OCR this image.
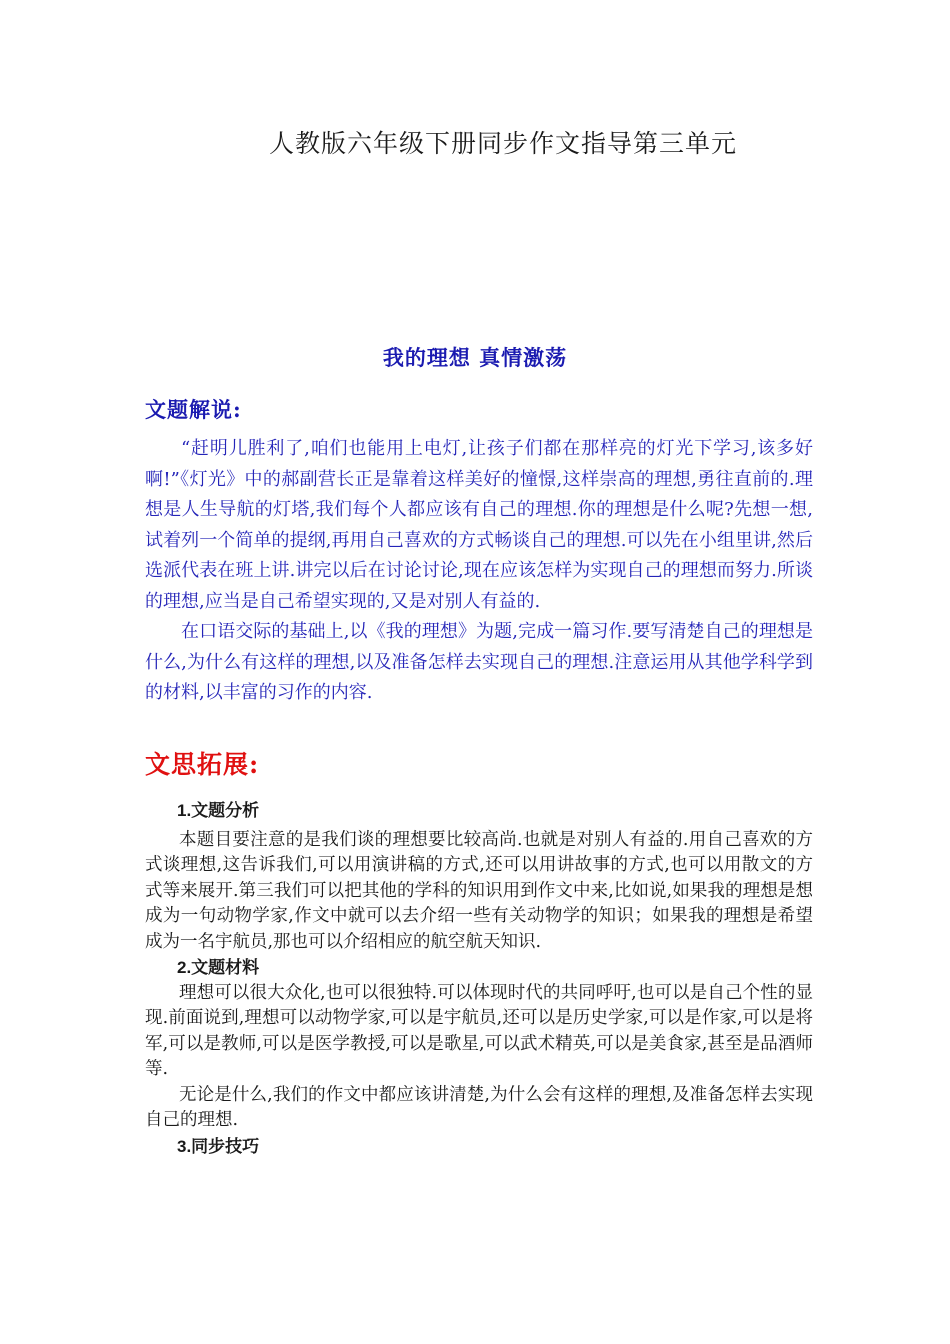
人教版六年级下册同步作文指导第三单元
我的理想 真情激荡
文题解说:

“赶明儿胜利了,咱们也能用上电灯,让孩子们都在那样亮的灯光下学习,该多好啊!”《灯光》中的郝副营长正是靠着这样美好的憧憬,这样崇高的理想,勇往直前的.理想是人生导航的灯塔,我们每个人都应该有自己的理想.你的理想是什么呢?先想一想,试着列一个简单的提纲,再用自己喜欢的方式畅谈自己的理想.可以先在小组里讲,然后选派代表在班上讲.讲完以后在讨论讨论,现在应该怎样为实现自己的理想而努力.所谈的理想,应当是自己希望实现的,又是对别人有益的.

在口语交际的基础上,以《我的理想》为题,完成一篇习作.要写清楚自己的理想是什么,为什么有这样的理想,以及准备怎样去实现自己的理想.注意运用从其他学科学到的材料,以丰富的习作的内容.

文思拓展:

1.文题分析

本题目要注意的是我们谈的理想要比较高尚.也就是对别人有益的.用自己喜欢的方式谈理想,这告诉我们,可以用演讲稿的方式,还可以用讲故事的方式,也可以用散文的方式等来展开.第三我们可以把其他的学科的知识用到作文中来,比如说,如果我的理想是想成为一句动物学家,作文中就可以去介绍一些有关动物学的知识；如果我的理想是希望成为一名宇航员,那也可以介绍相应的航空航天知识.

2.文题材料

理想可以很大众化,也可以很独特.可以体现时代的共同呼吁,也可以是自己个性的显现.前面说到,理想可以动物学家,可以是宇航员,还可以是历史学家,可以是作家,可以是将军,可以是教师,可以是医学教授,可以是歌星,可以武术精英,可以是美食家,甚至是品酒师等.

无论是什么,我们的作文中都应该讲清楚,为什么会有这样的理想,及准备怎样去实现自己的理想.

3.同步技巧
